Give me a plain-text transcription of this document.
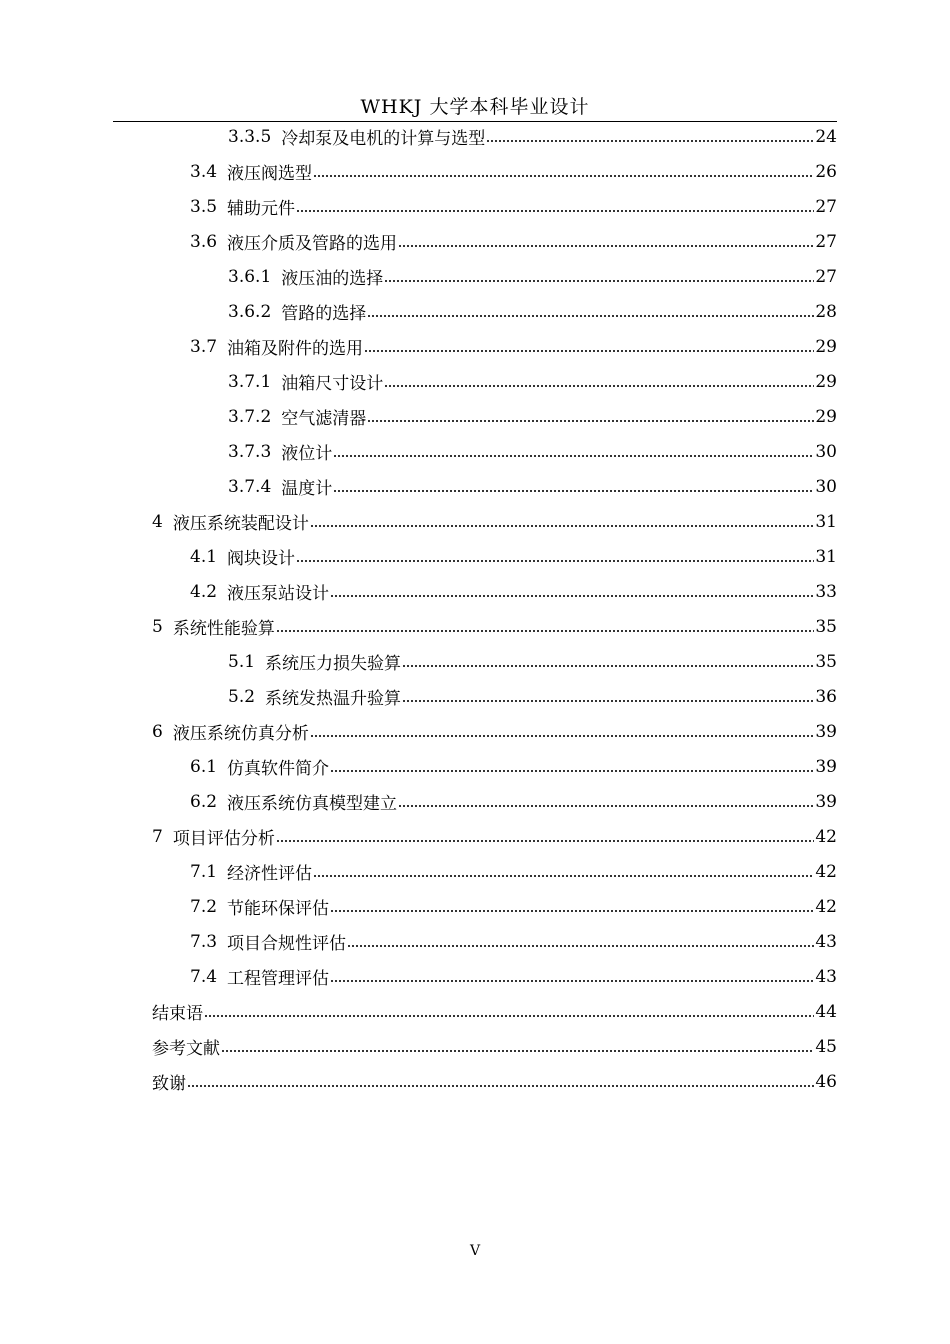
WHKJ 大学本科毕业设计
3.3.5 冷却泵及电机的计算与选型	24
3.4 液压阀选型	26
3.5 辅助元件	27
3.6 液压介质及管路的选用	27
3.6.1 液压油的选择	27
3.6.2 管路的选择	28
3.7 油箱及附件的选用	29
3.7.1 油箱尺寸设计	29
3.7.2 空气滤清器	29
3.7.3 液位计	30
3.7.4 温度计	30
4 液压系统装配设计	31
4.1 阀块设计	31
4.2 液压泵站设计	33
5 系统性能验算	35
5.1 系统压力损失验算	35
5.2 系统发热温升验算	36
6 液压系统仿真分析	39
6.1 仿真软件简介	39
6.2 液压系统仿真模型建立	39
7 项目评估分析	42
7.1 经济性评估	42
7.2 节能环保评估	42
7.3 项目合规性评估	43
7.4 工程管理评估	43
结束语	44
参考文献	45
致谢	46
V
